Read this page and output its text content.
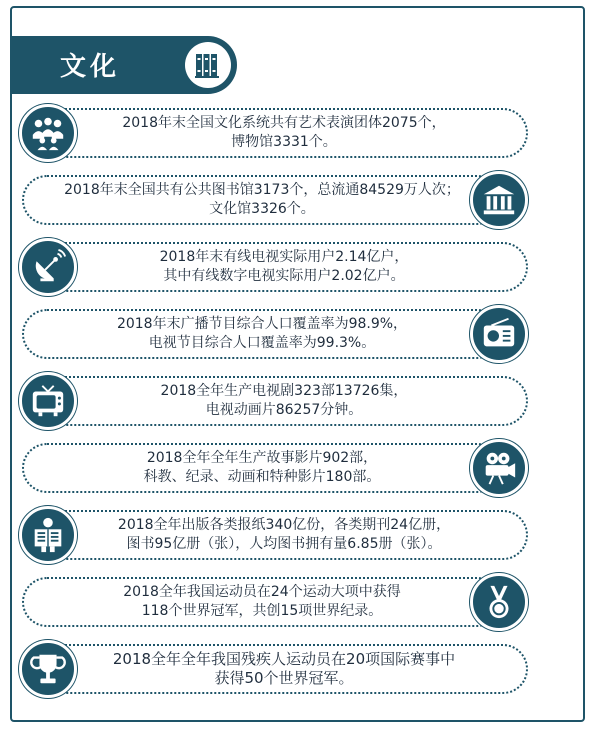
文化
2018年末全国文化系统共有艺术表演团体2075个，
博物馆3331个。
2018年末全国共有公共图书馆3173个，总流通84529万人次；
文化馆3326个。
2018年末有线电视实际用户2.14亿户，
其中有线数字电视实际用户2.02亿户。
2018年末广播节目综合人口覆盖率为98.9%，
电视节目综合人口覆盖率为99.3%。
2018全年生产电视剧323部13726集，
电视动画片86257分钟。
2018全年全年生产故事影片902部，
科教、纪录、动画和特种影片180部。
2018全年出版各类报纸340亿份，各类期刊24亿册，
图书95亿册（张），人均图书拥有量6.85册（张）。
2018全年我国运动员在24个运动大项中获得
118个世界冠军，共创15项世界纪录。
2018全年全年我国残疾人运动员在20项国际赛事中
获得50个世界冠军。
